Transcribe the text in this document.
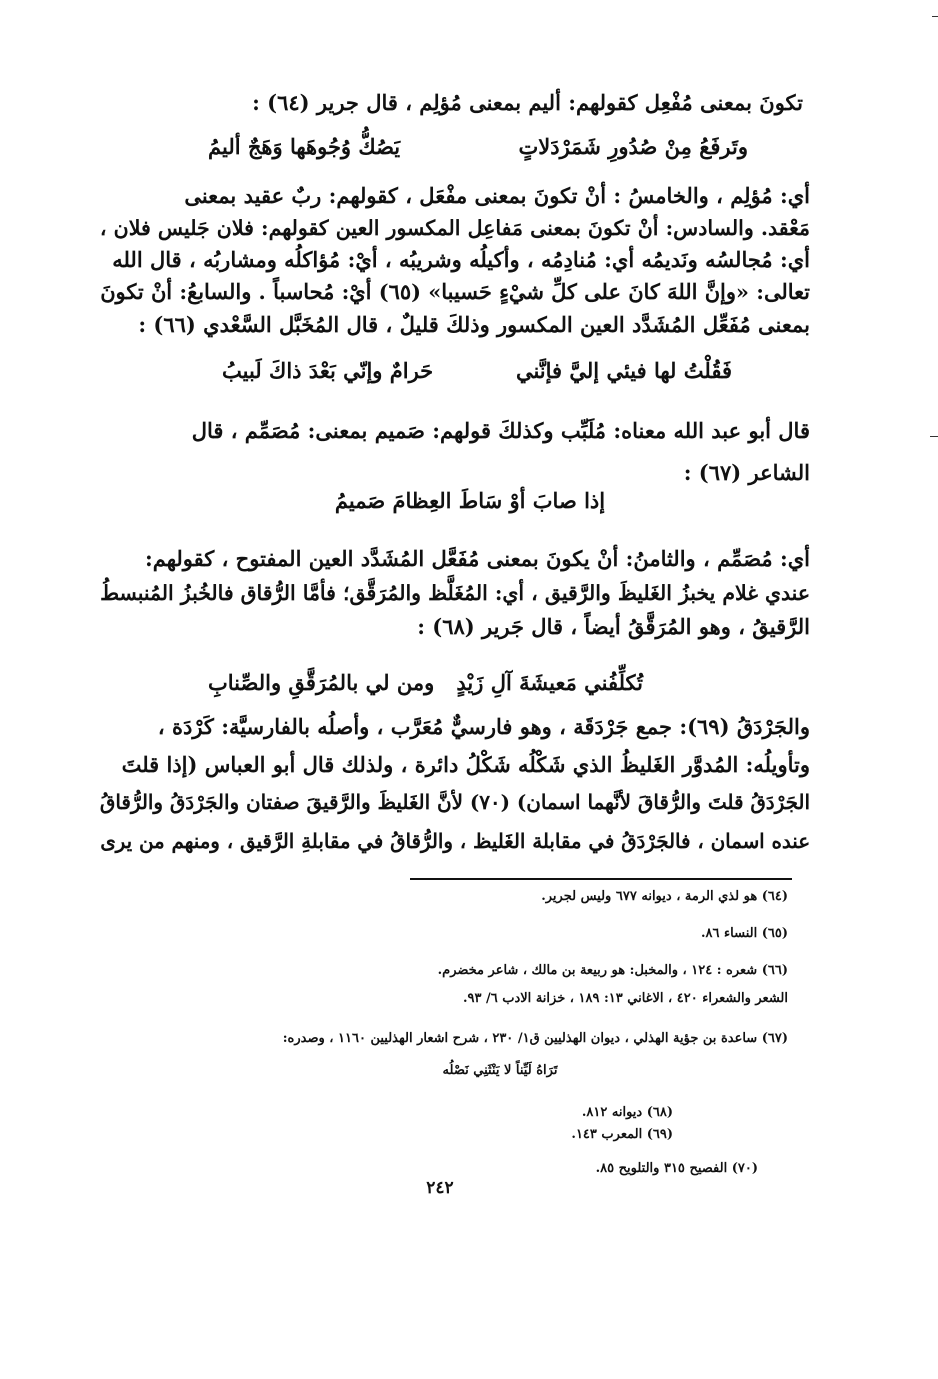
تكونَ بمعنى مُفْعِل كقولهم: أليم بمعنى مُؤلِم ، قال جرير (٦٤) :
وتَرفَعُ مِنْ صُدُورِ شَمَرْدَلاتٍ
يَصُكُّ وُجُوهَها وَهَجٌ أليمُ
أي: مُؤلِم ، والخامسُ : أنْ تكونَ بمعنى مفْعَل ، كقولهم: ربٌ عقيد بمعنى
مَعْقد. والسادس: أنْ تكونَ بمعنى مَفاعِل المكسور العين كقولهم: فلان جَليس فلان ،
أي: مُجالسُه ونَديمُه أي: مُنادِمُه ، وأكيلُه وشريبُه ، أيْ: مُؤاكلُه ومشاربُه ، قال الله
تعالى: «وإنَّ اللهَ كانَ على كلِّ شيْءٍ حَسيبا» (٦٥) أيْ: مُحاسباً . والسابعُ: أنْ تكونَ
بمعنى مُفَعِّل المُشَدَّد العين المكسور وذلكَ قليلٌ ، قال المُخَبَّل السَّعْدي (٦٦) :
فَقُلْتُ لها فيئي إليَّ فإنَّني
حَرامٌ وإنّي بَعْدَ ذاكَ لَبيبُ
قال أبو عبد الله معناه: مُلَبِّب وكذلكَ قولهم: صَميم بمعنى: مُصَمِّم ، قال
الشاعر (٦٧) :
إذا صابَ أوْ سَاطَ العِظامَ صَميمُ
أي: مُصَمِّم ، والثامنُ: أنْ يكونَ بمعنى مُفَعَّل المُشَدَّد العين المفتوح ، كقولهم:
عندي غلام يخبزُ الغَليظَ والرَّقيق ، أي: المُغَلَّظ والمُرَقَّق؛ فأمَّا الرُّقاق فالخُبزُ المُنبسطُ
الرَّقيقُ ، وهو المُرَقَّقُ أيضاً ، قال جَرير (٦٨) :
تُكلِّفُني مَعيشَةَ آلِ زَيْدٍ
ومن لي بالمُرَقَّقِ والصِّنابِ
والجَرْدَقُ (٦٩): جمع جَرْدَقَة ، وهو فارسيٌّ مُعَرَّب ، وأصلُه بالفارسيَّة: كَرْدَة ،
وتأويلُه: المُدوَّر الغَليظُ الذي شَكْلُه شَكْلُ دائرة ، ولذلك قال أبو العباس (إذا قلتَ
الجَرْدَقُ قلتَ والرُّقاقَ لأنَّهما اسمان) (٧٠) لأنَّ الغَليظَ والرَّقيقَ صفتان والجَرْدَقُ والرُّقاقُ
عنده اسمان ، فالجَرْدَقُ في مقابلة الغَليظ ، والرُّقاقُ في مقابلةِ الرَّقيق ، ومنهم من يرى
(٦٤) هو لذي الرمة ، ديوانه ٦٧٧ وليس لجرير.
(٦٥) النساء ٨٦.
(٦٦) شعره : ١٢٤ ، والمخبل: هو ربيعة بن مالك ، شاعر مخضرم.
الشعر والشعراء ٤٢٠ ، الاغاني ١٣: ١٨٩ ، خزانة الادب ٦/ ٩٣.
(٦٧) ساعدة بن جؤية الهذلي ، ديوان الهذليين ق١/ ٢٣٠ ، شرح اشعار الهذليين ١١٦٠ ، وصدره:
تَرَاهُ لَيِّناً لا يَنْثَنِي نَصْلُه
(٦٨) ديوانه ٨١٢.
(٦٩) المعرب ١٤٣.
(٧٠) الفصيح ٣١٥ والتلويح ٨٥.
٢٤٢
